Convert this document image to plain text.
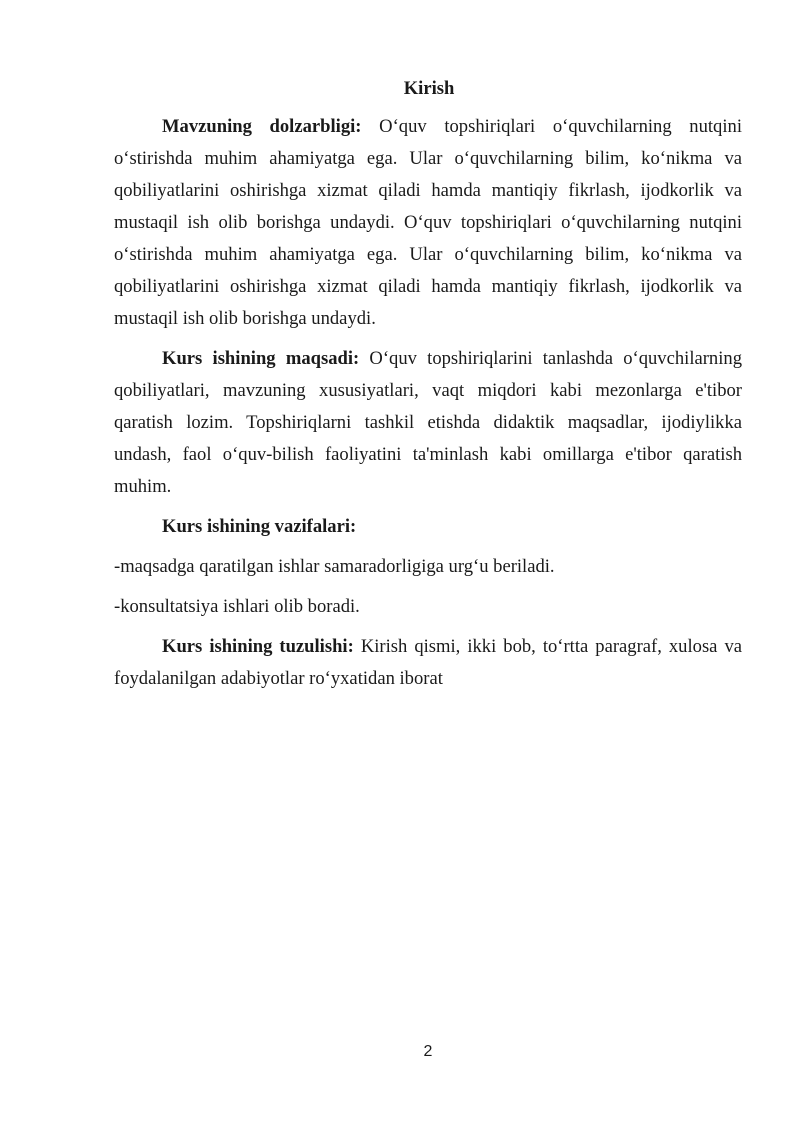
Kirish

Mavzuning dolzarbligi: O‘quv topshiriqlari o‘quvchilarning nutqini o‘stirishda muhim ahamiyatga ega. Ular o‘quvchilarning bilim, ko‘nikma va qobiliyatlarini oshirishga xizmat qiladi hamda mantiqiy fikrlash, ijodkorlik va mustaqil ish olib borishga undaydi. O‘quv topshiriqlari o‘quvchilarning nutqini o‘stirishda muhim ahamiyatga ega. Ular o‘quvchilarning bilim, ko‘nikma va qobiliyatlarini oshirishga xizmat qiladi hamda mantiqiy fikrlash, ijodkorlik va mustaqil ish olib borishga undaydi.

Kurs ishining maqsadi: O‘quv topshiriqlarini tanlashda o‘quvchilarning qobiliyatlari, mavzuning xususiyatlari, vaqt miqdori kabi mezonlarga e'tibor qaratish lozim. Topshiriqlarni tashkil etishda didaktik maqsadlar, ijodiylikka undash, faol o‘quv-bilish faoliyatini ta'minlash kabi omillarga e'tibor qaratish muhim.

Kurs ishining vazifalari:

-maqsadga qaratilgan ishlar samaradorligiga urg‘u beriladi.

-konsultatsiya ishlari olib boradi.

Kurs ishining tuzulishi: Kirish qismi, ikki bob, to‘rtta paragraf, xulosa va foydalanilgan adabiyotlar ro‘yxatidan iborat

2
